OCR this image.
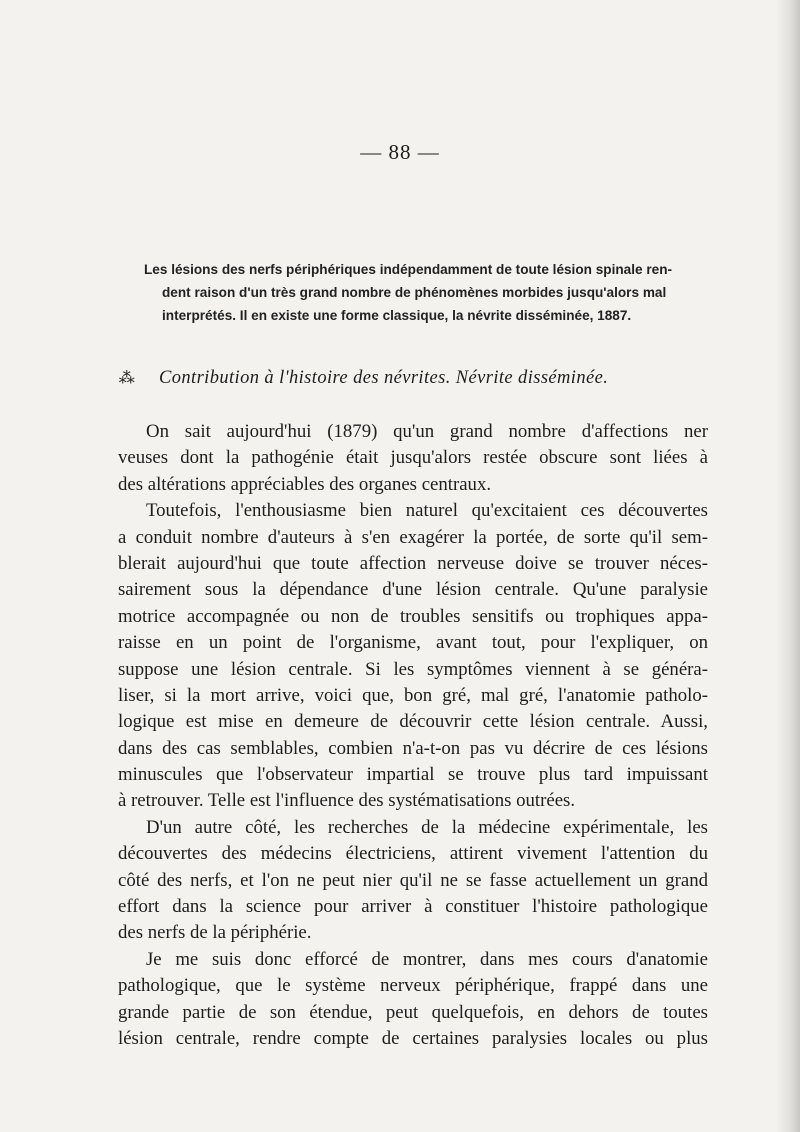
— 88 —
Les lésions des nerfs périphériques indépendamment de toute lésion spinale ren-
dent raison d'un très grand nombre de phénomènes morbides jusqu'alors mal
interprétés. Il en existe une forme classique, la névrite disséminée, 1887.
⁂ Contribution à l'histoire des névrites. Névrite disséminée.
On sait aujourd'hui (1879) qu'un grand nombre d'affections ner
veuses dont la pathogénie était jusqu'alors restée obscure sont liées à
des altérations appréciables des organes centraux.
Toutefois, l'enthousiasme bien naturel qu'excitaient ces découvertes
a conduit nombre d'auteurs à s'en exagérer la portée, de sorte qu'il sem-
blerait aujourd'hui que toute affection nerveuse doive se trouver néces-
sairement sous la dépendance d'une lésion centrale. Qu'une paralysie
motrice accompagnée ou non de troubles sensitifs ou trophiques appa-
raisse en un point de l'organisme, avant tout, pour l'expliquer, on
suppose une lésion centrale. Si les symptômes viennent à se généra-
liser, si la mort arrive, voici que, bon gré, mal gré, l'anatomie patholo-
logique est mise en demeure de découvrir cette lésion centrale. Aussi,
dans des cas semblables, combien n'a-t-on pas vu décrire de ces lésions
minuscules que l'observateur impartial se trouve plus tard impuissant
à retrouver. Telle est l'influence des systématisations outrées.
D'un autre côté, les recherches de la médecine expérimentale, les
découvertes des médecins électriciens, attirent vivement l'attention du
côté des nerfs, et l'on ne peut nier qu'il ne se fasse actuellement un grand
effort dans la science pour arriver à constituer l'histoire pathologique
des nerfs de la périphérie.
Je me suis donc efforcé de montrer, dans mes cours d'anatomie
pathologique, que le système nerveux périphérique, frappé dans une
grande partie de son étendue, peut quelquefois, en dehors de toutes
lésion centrale, rendre compte de certaines paralysies locales ou plus
